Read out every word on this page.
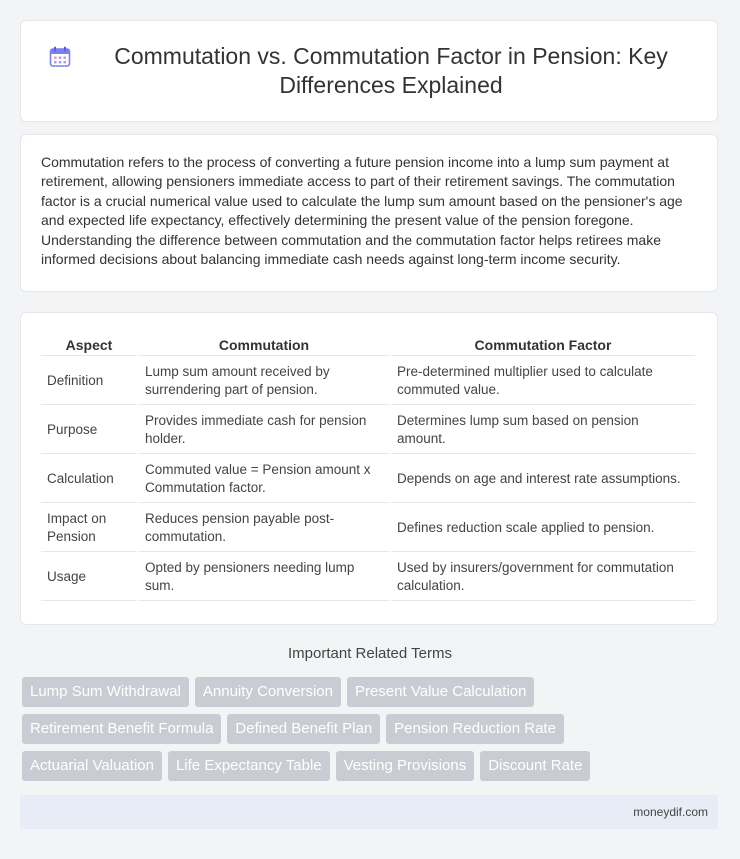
Commutation vs. Commutation Factor in Pension: Key Differences Explained

Commutation refers to the process of converting a future pension income into a lump sum payment at retirement, allowing pensioners immediate access to part of their retirement savings. The commutation factor is a crucial numerical value used to calculate the lump sum amount based on the pensioner's age and expected life expectancy, effectively determining the present value of the pension foregone. Understanding the difference between commutation and the commutation factor helps retirees make informed decisions about balancing immediate cash needs against long-term income security.

Aspect	Commutation	Commutation Factor
Definition	Lump sum amount received by surrendering part of pension.	Pre-determined multiplier used to calculate commuted value.
Purpose	Provides immediate cash for pension holder.	Determines lump sum based on pension amount.
Calculation	Commuted value = Pension amount x Commutation factor.	Depends on age and interest rate assumptions.
Impact on Pension	Reduces pension payable post-commutation.	Defines reduction scale applied to pension.
Usage	Opted by pensioners needing lump sum.	Used by insurers/government for commutation calculation.
Important Related Terms
Lump Sum Withdrawal	Annuity Conversion	Present Value Calculation
Retirement Benefit Formula	Defined Benefit Plan	Pension Reduction Rate
Actuarial Valuation	Life Expectancy Table	Vesting Provisions	Discount Rate
moneydif.com
